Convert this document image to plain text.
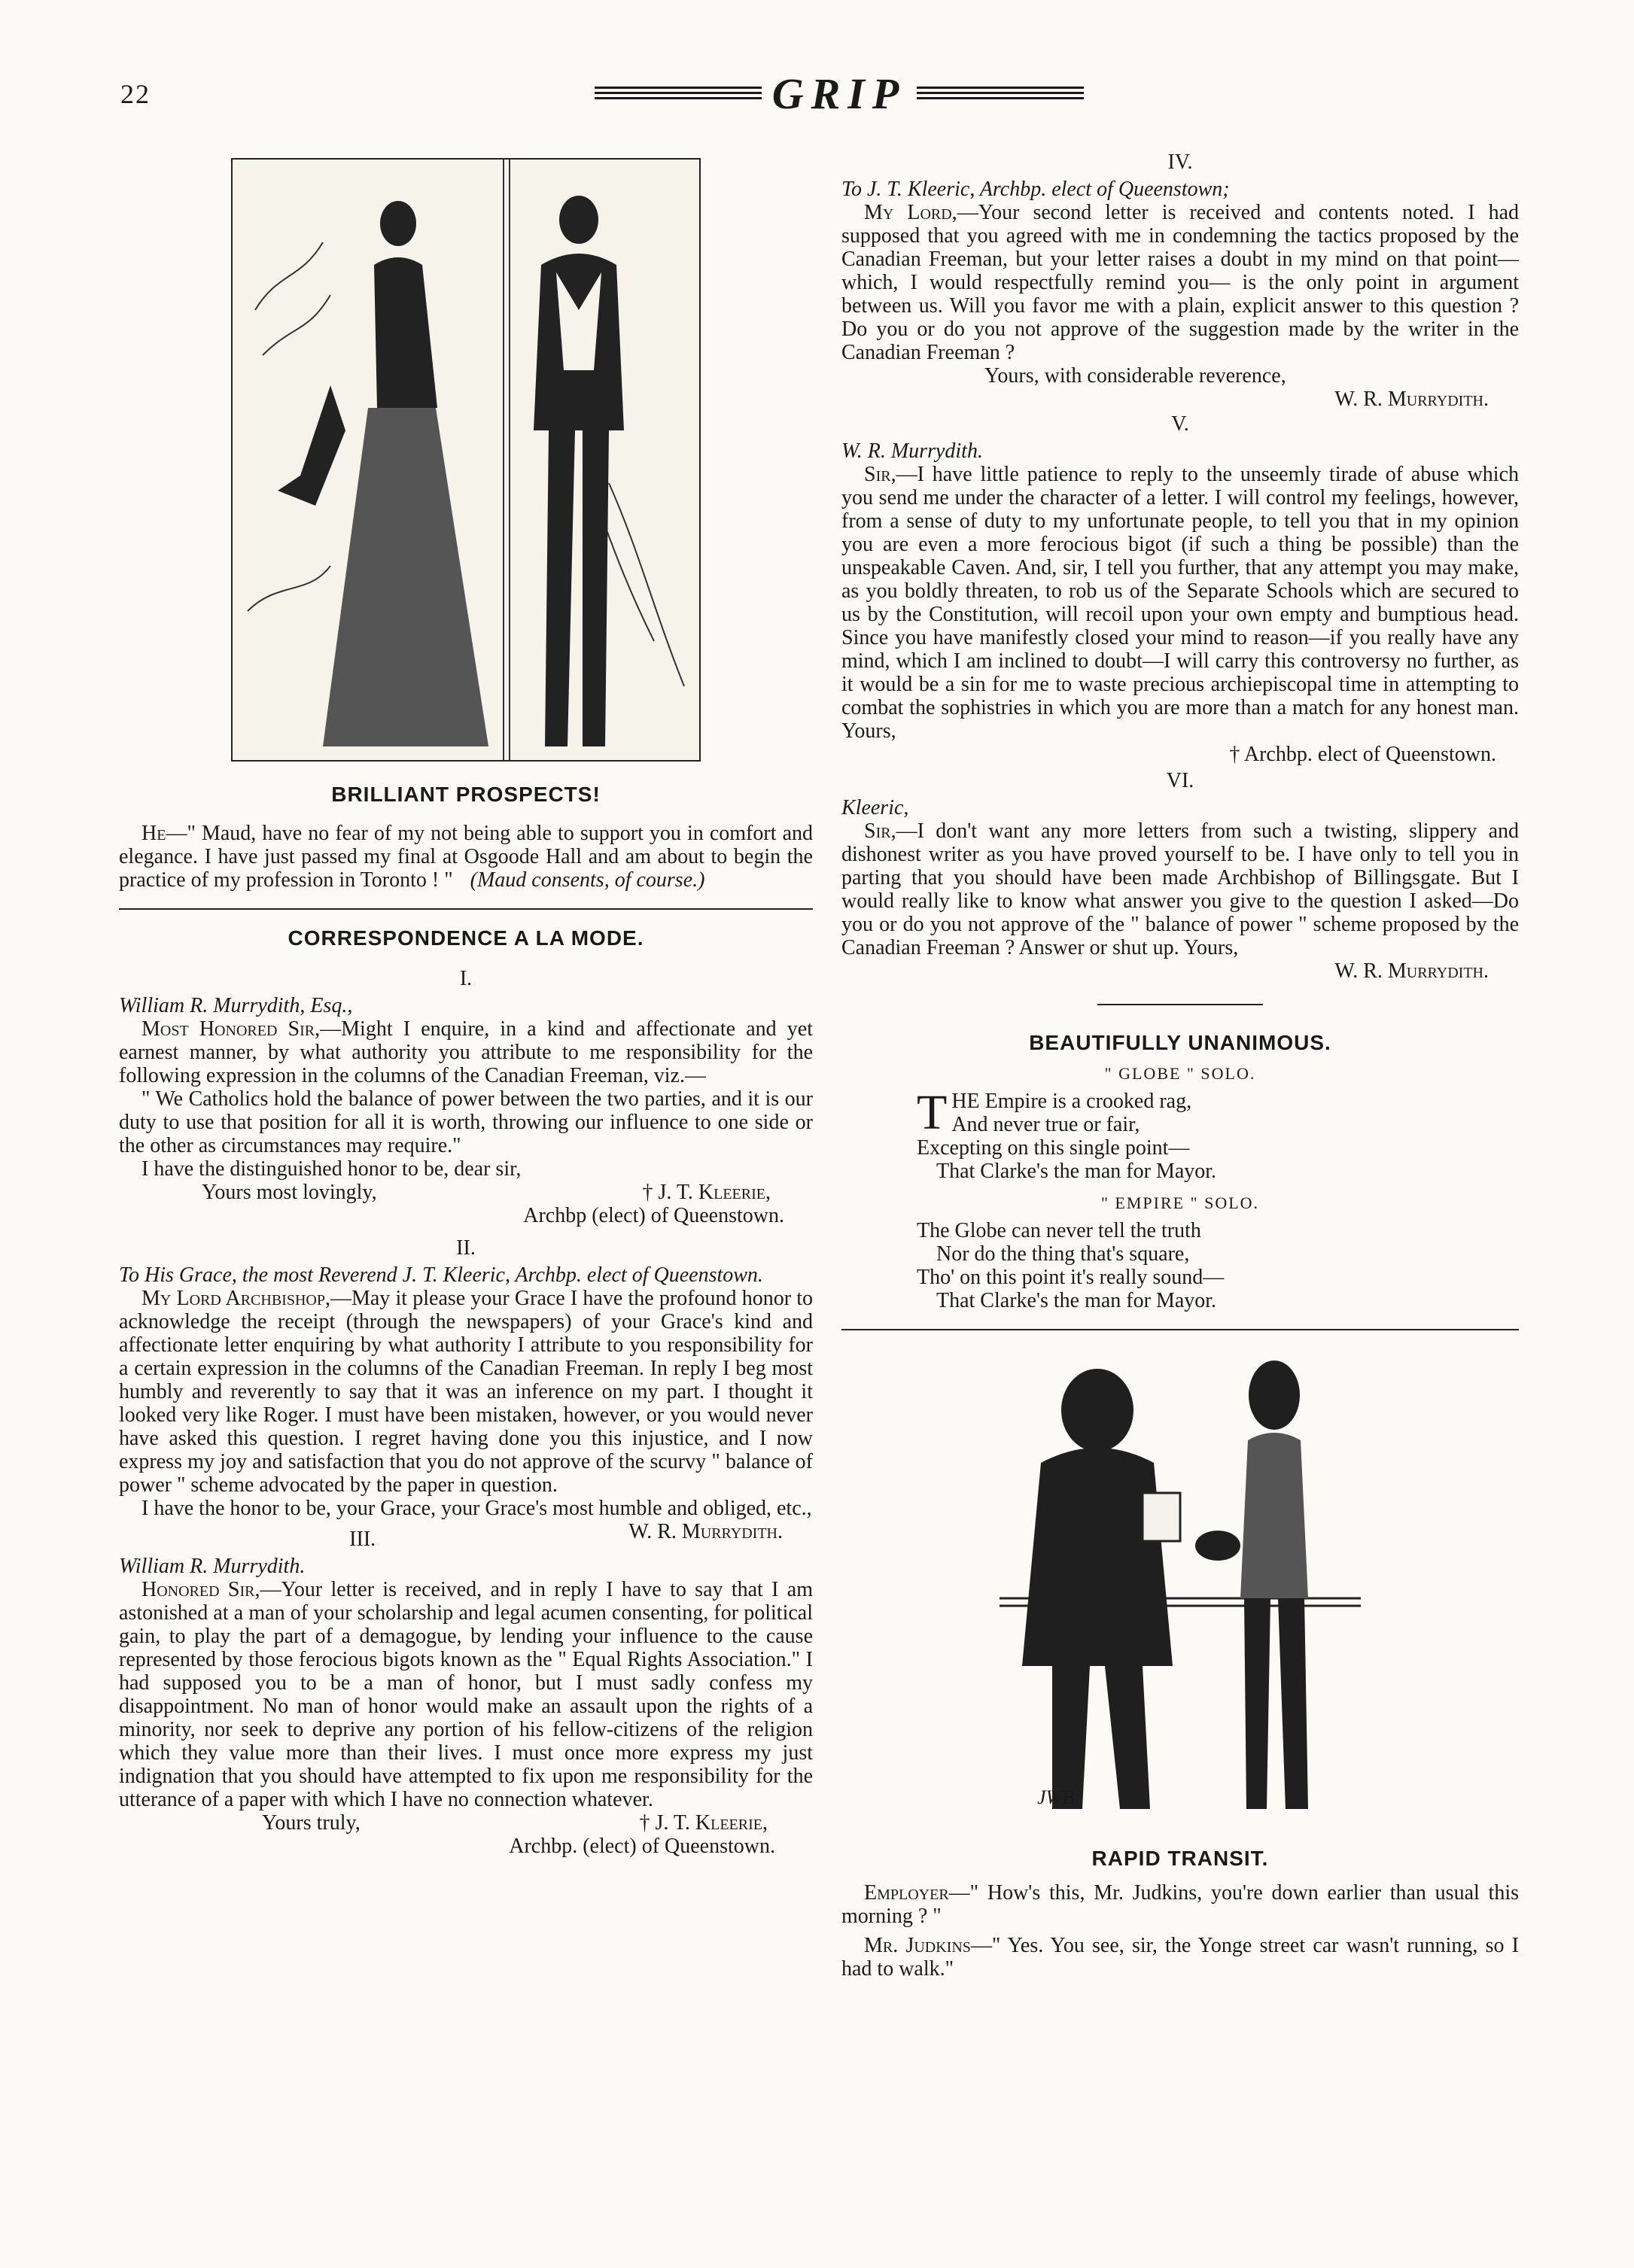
22	GRIP
BRILLIANT PROSPECTS!

He—" Maud, have no fear of my not being able to support you in comfort and elegance. I have just passed my final at Osgoode Hall and am about to begin the practice of my profession in Toronto ! " (Maud consents, of course.)

CORRESPONDENCE A LA MODE.
I.

William R. Murrydith, Esq.,

Most Honored Sir,—Might I enquire, in a kind and affectionate and yet earnest manner, by what authority you attribute to me responsibility for the following expression in the columns of the Canadian Freeman, viz.—

" We Catholics hold the balance of power between the two parties, and it is our duty to use that position for all it is worth, throwing our influence to one side or the other as circumstances may require."

I have the distinguished honor to be, dear sir,

Yours most lovingly,	† J. T. Kleerie,
Archbp (elect) of Queenstown.
II.

To His Grace, the most Reverend J. T. Kleeric, Archbp. elect of Queenstown.

My Lord Archbishop,—May it please your Grace I have the profound honor to acknowledge the receipt (through the newspapers) of your Grace's kind and affectionate letter enquiring by what authority I attribute to you responsibility for a certain expression in the columns of the Canadian Freeman. In reply I beg most humbly and reverently to say that it was an inference on my part. I thought it looked very like Roger. I must have been mistaken, however, or you would never have asked this question. I regret having done you this injustice, and I now express my joy and satisfaction that you do not approve of the scurvy " balance of power " scheme advocated by the paper in question.

I have the honor to be, your Grace, your Grace's most humble and obliged, etc.,
W. R. Murrydith.

III.

William R. Murrydith.

Honored Sir,—Your letter is received, and in reply I have to say that I am astonished at a man of your scholarship and legal acumen consenting, for political gain, to play the part of a demagogue, by lending your influence to the cause represented by those ferocious bigots known as the " Equal Rights Association." I had supposed you to be a man of honor, but I must sadly confess my disappointment. No man of honor would make an assault upon the rights of a minority, nor seek to deprive any portion of his fellow-citizens of the religion which they value more than their lives. I must once more express my just indignation that you should have attempted to fix upon me responsibility for the utterance of a paper with which I have no connection whatever.

Yours truly,	† J. T. Kleerie,
Archbp. (elect) of Queenstown.
IV.

To J. T. Kleeric, Archbp. elect of Queenstown;

My Lord,—Your second letter is received and contents noted. I had supposed that you agreed with me in condemning the tactics proposed by the Canadian Freeman, but your letter raises a doubt in my mind on that point—which, I would respectfully remind you— is the only point in argument between us. Will you favor me with a plain, explicit answer to this question ? Do you or do you not approve of the suggestion made by the writer in the Canadian Freeman ?

Yours, with considerable reverence,
W. R. Murrydith.
V.

W. R. Murrydith.

Sir,—I have little patience to reply to the unseemly tirade of abuse which you send me under the character of a letter. I will control my feelings, however, from a sense of duty to my unfortunate people, to tell you that in my opinion you are even a more ferocious bigot (if such a thing be possible) than the unspeakable Caven. And, sir, I tell you further, that any attempt you may make, as you boldly threaten, to rob us of the Separate Schools which are secured to us by the Constitution, will recoil upon your own empty and bumptious head. Since you have manifestly closed your mind to reason—if you really have any mind, which I am inclined to doubt—I will carry this controversy no further, as it would be a sin for me to waste precious archiepiscopal time in attempting to combat the sophistries in which you are more than a match for any honest man. Yours,

† Archbp. elect of Queenstown.
VI.

Kleeric,

Sir,—I don't want any more letters from such a twisting, slippery and dishonest writer as you have proved yourself to be. I have only to tell you in parting that you should have been made Archbishop of Billingsgate. But I would really like to know what answer you give to the question I asked—Do you or do you not approve of the " balance of power " scheme proposed by the Canadian Freeman ? Answer or shut up. Yours,

W. R. Murrydith.
BEAUTIFULLY UNANIMOUS.
" GLOBE " SOLO.
T HE Empire is a crooked rag,
And never true or fair,
Excepting on this single point—
That Clarke's the man for Mayor.
" EMPIRE " SOLO.
The Globe can never tell the truth
Nor do the thing that's square,
Tho' on this point it's really sound—
That Clarke's the man for Mayor.
JWB
RAPID TRANSIT.

Employer—" How's this, Mr. Judkins, you're down earlier than usual this morning ? "

Mr. Judkins—" Yes. You see, sir, the Yonge street car wasn't running, so I had to walk."
